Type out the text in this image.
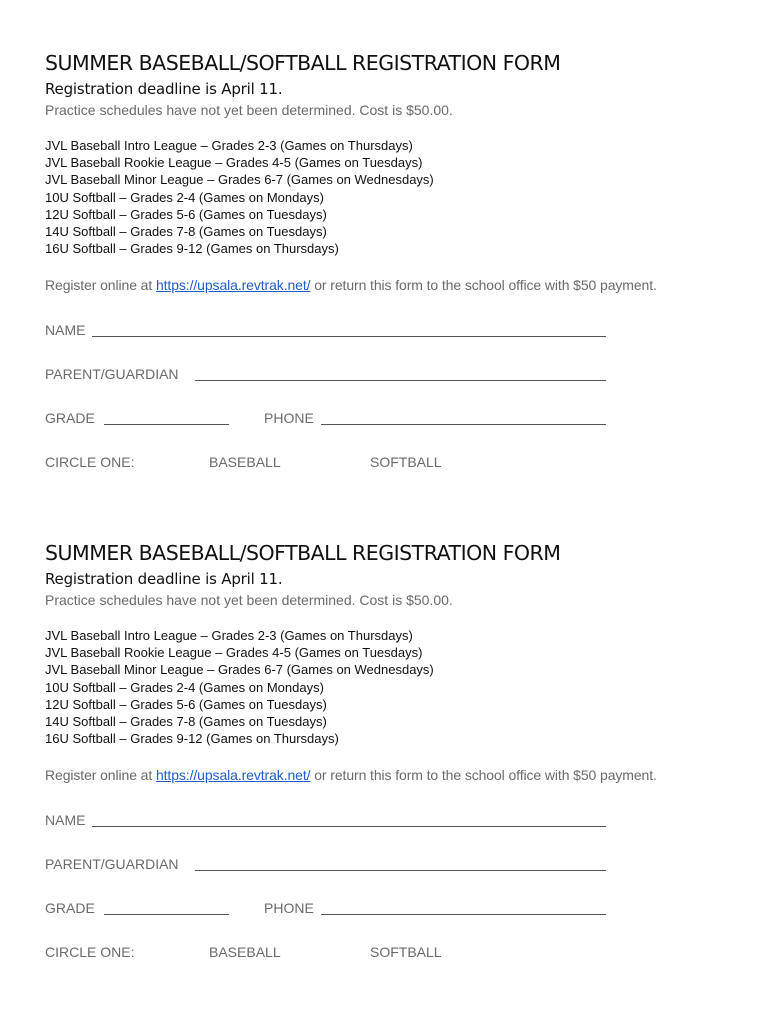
SUMMER BASEBALL/SOFTBALL REGISTRATION FORM
Registration deadline is April 11.
Practice schedules have not yet been determined. Cost is $50.00.
JVL Baseball Intro League – Grades 2-3 (Games on Thursdays)
JVL Baseball Rookie League – Grades 4-5 (Games on Tuesdays)
JVL Baseball Minor League – Grades 6-7 (Games on Wednesdays)
10U Softball – Grades 2-4 (Games on Mondays)
12U Softball – Grades 5-6 (Games on Tuesdays)
14U Softball – Grades 7-8 (Games on Tuesdays)
16U Softball – Grades 9-12 (Games on Thursdays)
Register online at https://upsala.revtrak.net/ or return this form to the school office with $50 payment.
NAME
PARENT/GUARDIAN
GRADE	PHONE
CIRCLE ONE:	BASEBALL	SOFTBALL
SUMMER BASEBALL/SOFTBALL REGISTRATION FORM
Registration deadline is April 11.
Practice schedules have not yet been determined. Cost is $50.00.
JVL Baseball Intro League – Grades 2-3 (Games on Thursdays)
JVL Baseball Rookie League – Grades 4-5 (Games on Tuesdays)
JVL Baseball Minor League – Grades 6-7 (Games on Wednesdays)
10U Softball – Grades 2-4 (Games on Mondays)
12U Softball – Grades 5-6 (Games on Tuesdays)
14U Softball – Grades 7-8 (Games on Tuesdays)
16U Softball – Grades 9-12 (Games on Thursdays)
Register online at https://upsala.revtrak.net/ or return this form to the school office with $50 payment.
NAME
PARENT/GUARDIAN
GRADE	PHONE
CIRCLE ONE:	BASEBALL	SOFTBALL
